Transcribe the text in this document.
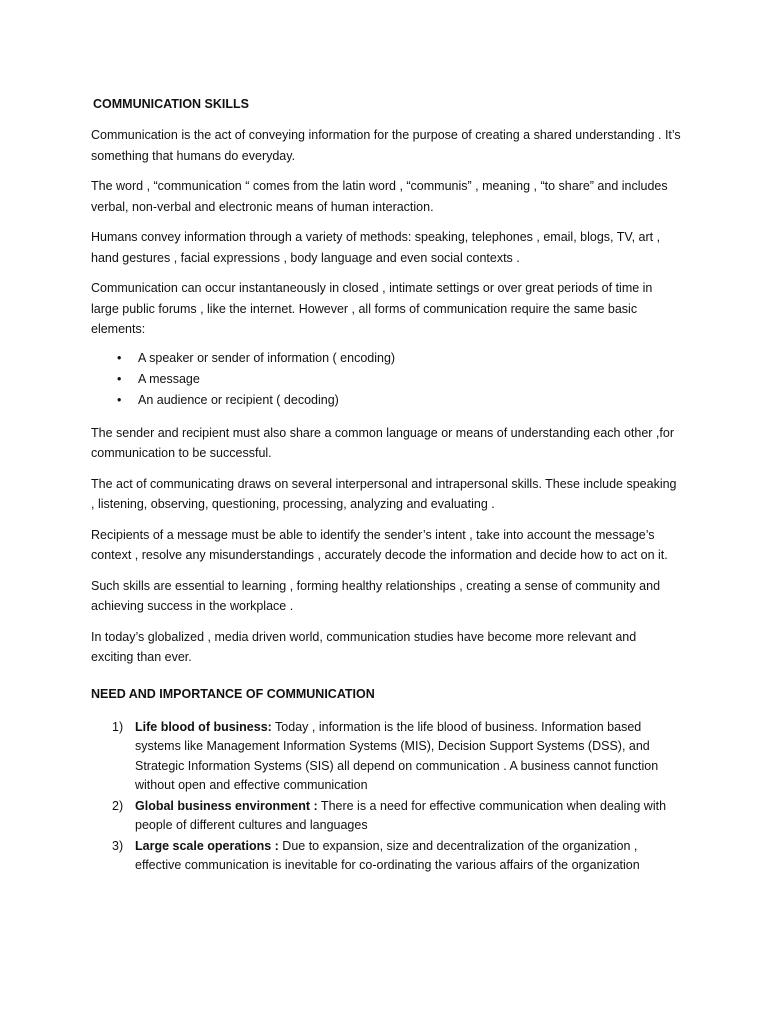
COMMUNICATION SKILLS

Communication is the act of conveying information for the purpose of creating a shared understanding . It’s something that humans do everyday.

The word , “communication “ comes from the latin word , “communis” , meaning , “to share” and includes verbal, non-verbal and electronic means of human interaction.

Humans convey information through a variety of methods: speaking, telephones , email, blogs, TV, art , hand gestures , facial expressions , body language and even social contexts .

Communication can occur instantaneously in closed , intimate settings or over great periods of time in large public forums , like the internet. However , all forms of communication require the same basic elements:

• A speaker or sender of information ( encoding)
• A message
• An audience or recipient ( decoding)

The sender and recipient must also share a common language or means of understanding each other ,for communication to be successful.

The act of communicating draws on several interpersonal and intrapersonal skills. These include speaking , listening, observing, questioning, processing, analyzing and evaluating .

Recipients of a message must be able to identify the sender’s intent , take into account the message’s context , resolve any misunderstandings , accurately decode the information and decide how to act on it.

Such skills are essential to learning , forming healthy relationships , creating a sense of community and achieving success in the workplace .

In today’s globalized , media driven world, communication studies have become more relevant and exciting than ever.

NEED AND IMPORTANCE OF COMMUNICATION
1) Life blood of business: Today , information is the life blood of business. Information based systems like Management Information Systems (MIS), Decision Support Systems (DSS), and Strategic Information Systems (SIS) all depend on communication . A business cannot function without open and effective communication
2) Global business environment : There is a need for effective communication when dealing with people of different cultures and languages
3) Large scale operations : Due to expansion, size and decentralization of the organization , effective communication is inevitable for co-ordinating the various affairs of the organization
